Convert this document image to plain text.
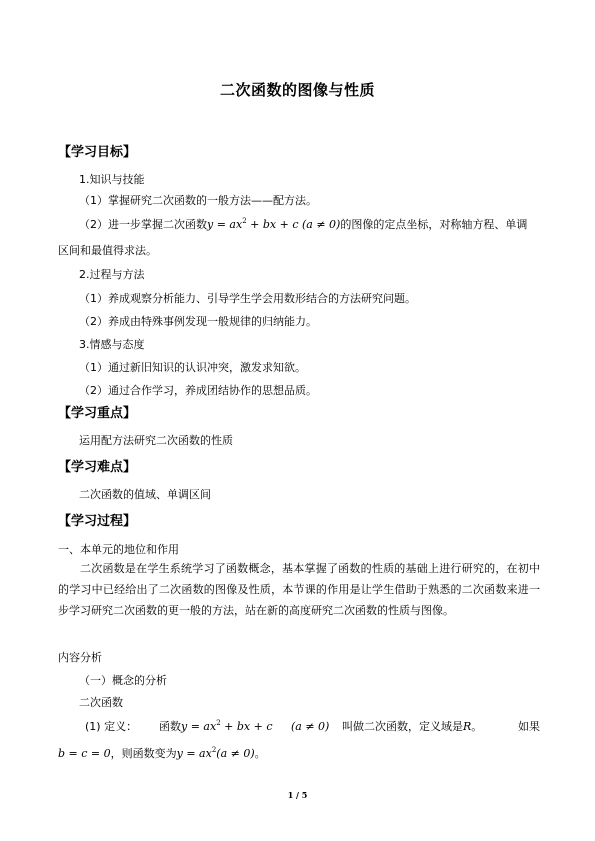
二次函数的图像与性质
【学习目标】
1.知识与技能
（1）掌握研究二次函数的一般方法——配方法。
（2）进一步掌握二次函数$y = ax^2$ + bx + c (a ≠ 0)的图像的定点坐标，对称轴方程、单调
区间和最值得求法。
2.过程与方法
（1）养成观察分析能力、引导学生学会用数形结合的方法研究问题。
（2）养成由特殊事例发现一般规律的归纳能力。
3.情感与态度
（1）通过新旧知识的认识冲突，激发求知欲。
（2）通过合作学习，养成团结协作的思想品质。
【学习重点】
运用配方法研究二次函数的性质
【学习难点】
二次函数的值域、单调区间
【学习过程】
一、本单元的地位和作用
二次函数是在学生系统学习了函数概念，基本掌握了函数的性质的基础上进行研究的，在初中的学习中已经给出了二次函数的图像及性质，本节课的作用是让学生借助于熟悉的二次函数来进一步学习研究二次函数的更一般的方法，站在新的高度研究二次函数的性质与图像。
内容分析
（一）概念的分析
二次函数
(1) 定义： 函数$y = ax^2$ + bx + c (a ≠ 0) 叫做二次函数，定义域是R。	如果
b = c = 0，则函数变为$y = ax^2(a \ne 0)$。
1 / 5
